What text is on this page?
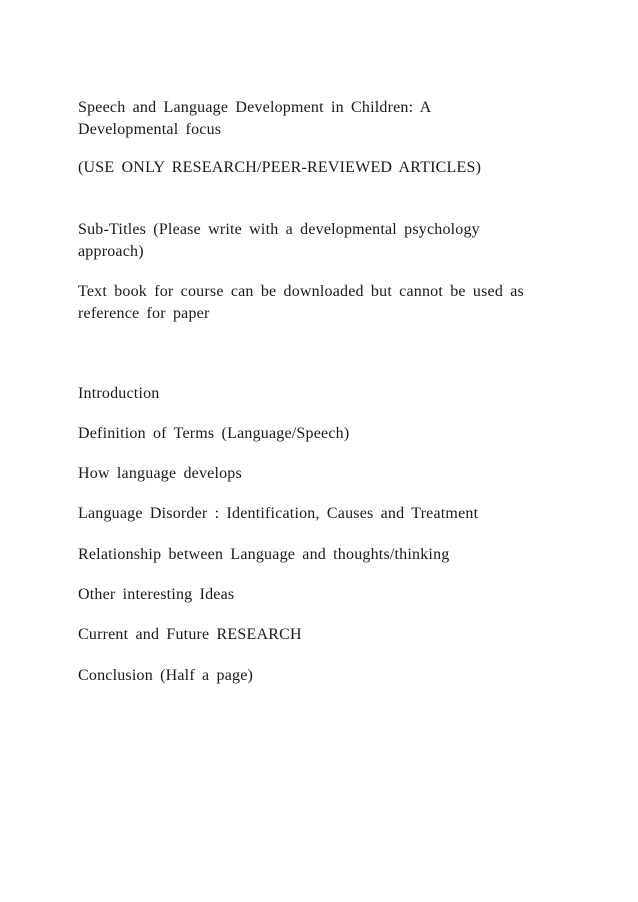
Speech and Language Development in Children: A

Developmental focus

(USE ONLY RESEARCH/PEER-REVIEWED ARTICLES)

Sub-Titles (Please write with a developmental psychology

approach)

Text book for course can be downloaded but cannot be used as

reference for paper

Introduction

Definition of Terms (Language/Speech)

How language develops

Language Disorder : Identification, Causes and Treatment

Relationship between Language and thoughts/thinking

Other interesting Ideas

Current and Future RESEARCH

Conclusion (Half a page)
